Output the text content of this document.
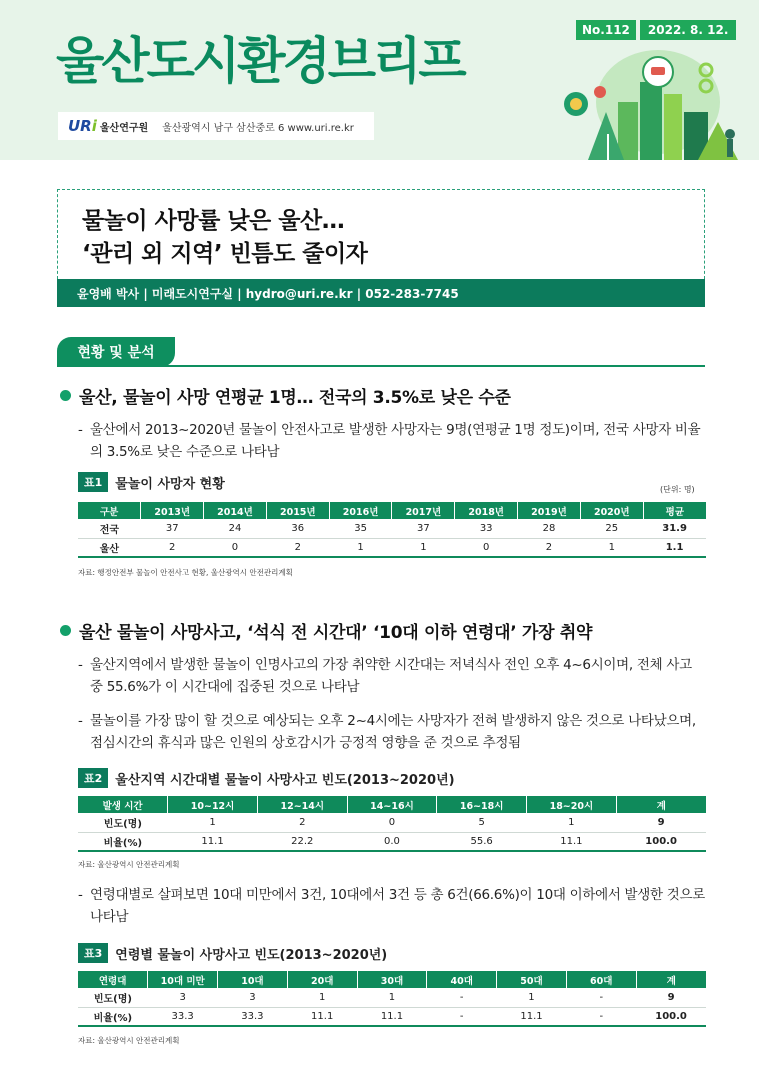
울산도시환경브리프
No.112	2022. 8. 12.
URi 울산연구원 울산광역시 남구 삼산중로 6 www.uri.re.kr
물놀이 사망률 낮은 울산…
‘관리 외 지역’ 빈틈도 줄이자
윤영배 박사 | 미래도시연구실 | hydro@uri.re.kr | 052-283-7745
현황 및 분석
울산, 물놀이 사망 연평균 1명… 전국의 3.5%로 낮은 수준
- 울산에서 2013~2020년 물놀이 안전사고로 발생한 사망자는 9명(연평균 1명 정도)이며, 전국 사망자 비율의 3.5%로 낮은 수준으로 나타남
표1	물놀이 사망자 현황	(단위: 명)
구분	2013년	2014년	2015년	2016년	2017년	2018년	2019년	2020년	평균
전국	37	24	36	35	37	33	28	25	31.9
울산	2	0	2	1	1	0	2	1	1.1
자료: 행정안전부 물놀이 안전사고 현황, 울산광역시 안전관리계획
울산 물놀이 사망사고, ‘석식 전 시간대’ ‘10대 이하 연령대’ 가장 취약
- 울산지역에서 발생한 물놀이 인명사고의 가장 취약한 시간대는 저녁식사 전인 오후 4~6시이며, 전체 사고 중 55.6%가 이 시간대에 집중된 것으로 나타남
- 물놀이를 가장 많이 할 것으로 예상되는 오후 2~4시에는 사망자가 전혀 발생하지 않은 것으로 나타났으며, 점심시간의 휴식과 많은 인원의 상호감시가 긍정적 영향을 준 것으로 추정됨
표2	울산지역 시간대별 물놀이 사망사고 빈도(2013~2020년)
발생 시간	10~12시	12~14시	14~16시	16~18시	18~20시	계
빈도(명)	1	2	0	5	1	9
비율(%)	11.1	22.2	0.0	55.6	11.1	100.0
자료: 울산광역시 안전관리계획
- 연령대별로 살펴보면 10대 미만에서 3건, 10대에서 3건 등 총 6건(66.6%)이 10대 이하에서 발생한 것으로 나타남
표3	연령별 물놀이 사망사고 빈도(2013~2020년)
연령대	10대 미만	10대	20대	30대	40대	50대	60대	계
빈도(명)	3	3	1	1	-	1	-	9
비율(%)	33.3	33.3	11.1	11.1	-	11.1	-	100.0
자료: 울산광역시 안전관리계획
